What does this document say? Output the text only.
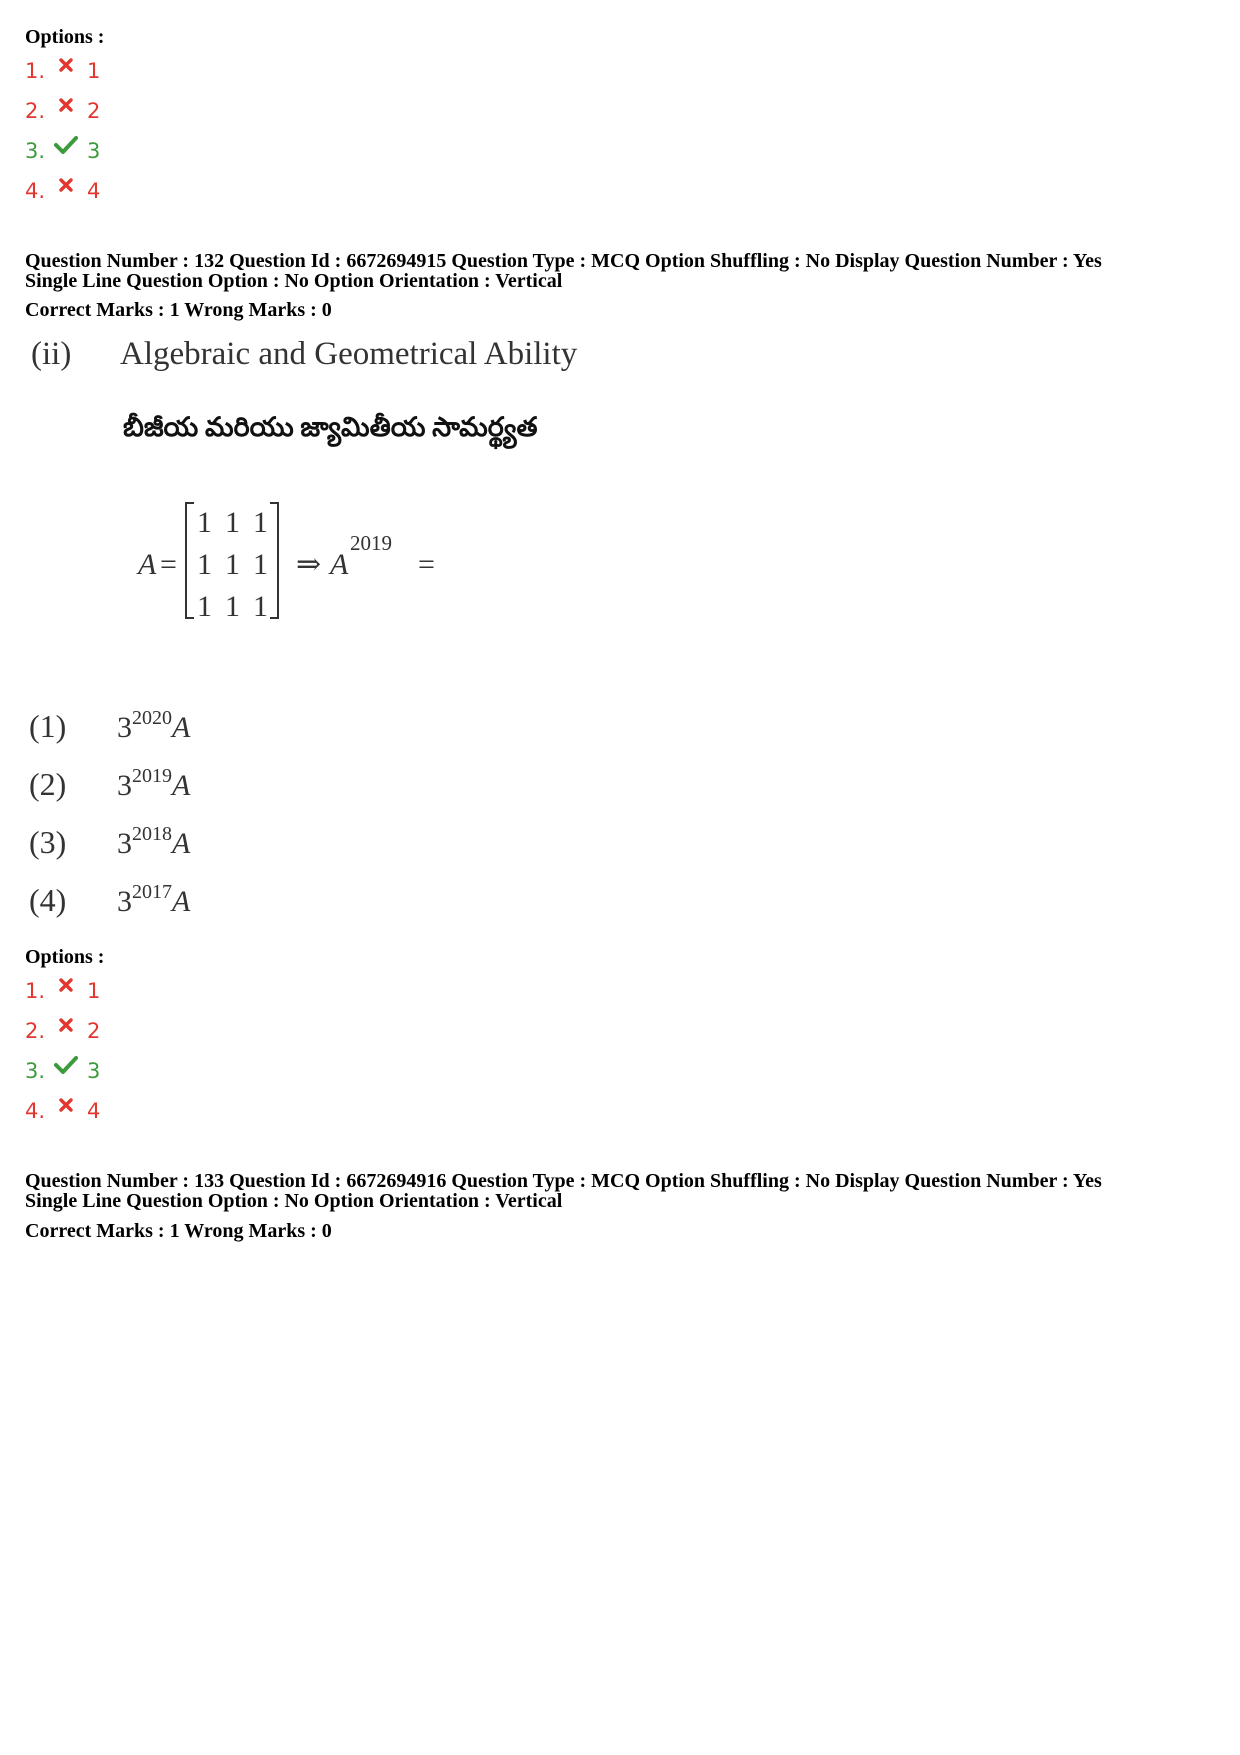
Options :
1.	1
2.	2
3.	3
4.	4
Question Number : 132 Question Id : 6672694915 Question Type : MCQ Option Shuffling : No Display Question Number : Yes
Single Line Question Option : No Option Orientation : Vertical
Correct Marks : 1 Wrong Marks : 0
(ii) Algebraic and Geometrical Ability
బీజీయ మరియు జ్యామితీయ సామర్థ్యత
A =
1 1 1
1 1 1
1 1 1
⇒ A
2019
=
(1)	$3^{2020}A$
(2)	$3^{2019}A$
(3)	$3^{2018}A$
(4)	$3^{2017}A$
Options :
1.	1
2.	2
3.	3
4.	4
Question Number : 133 Question Id : 6672694916 Question Type : MCQ Option Shuffling : No Display Question Number : Yes
Single Line Question Option : No Option Orientation : Vertical
Correct Marks : 1 Wrong Marks : 0
